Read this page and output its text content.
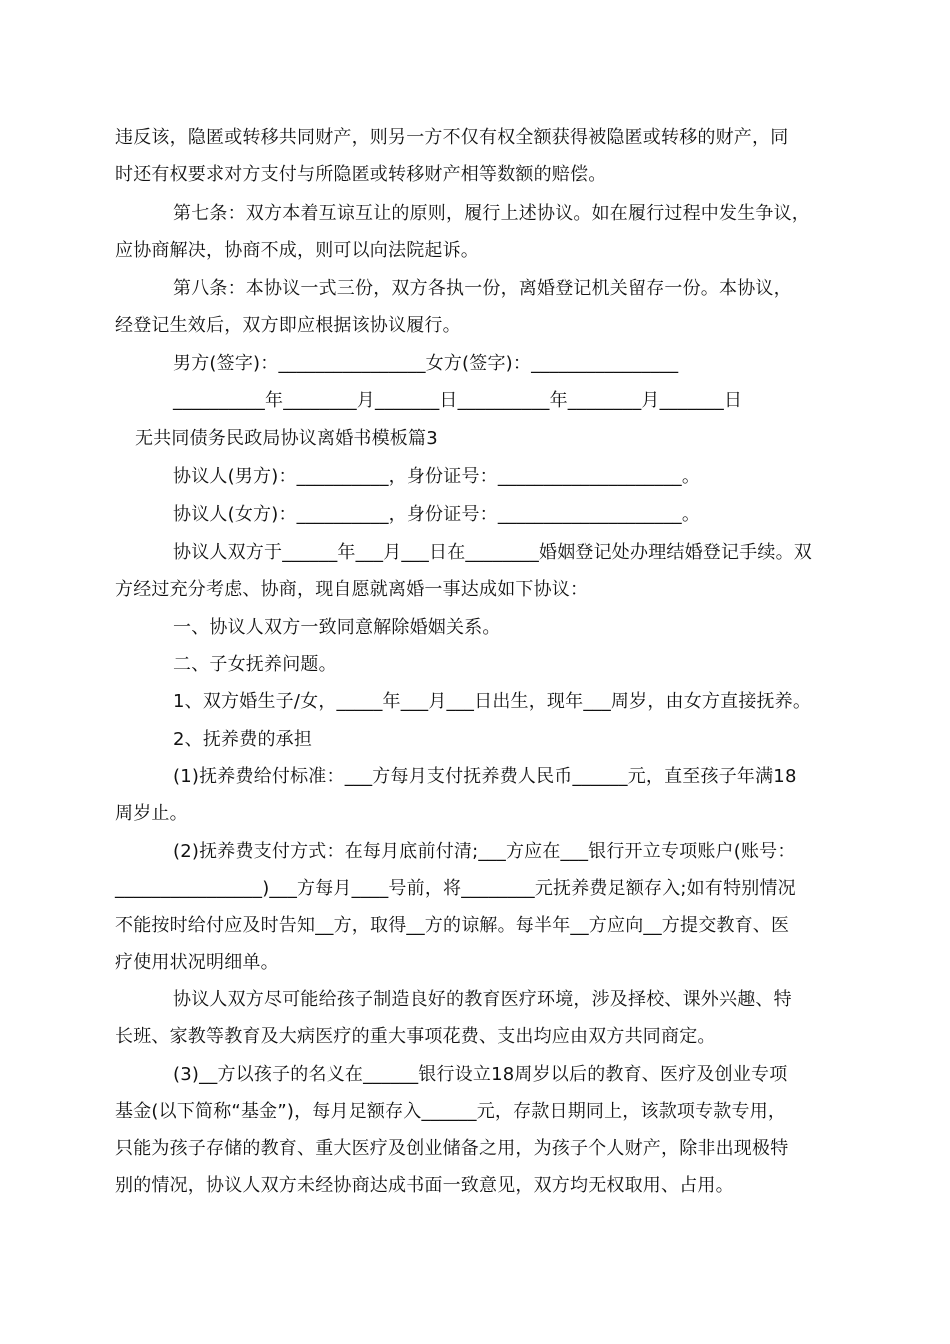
违反该，隐匿或转移共同财产，则另一方不仅有权全额获得被隐匿或转移的财产，同
时还有权要求对方支付与所隐匿或转移财产相等数额的赔偿。
第七条：双方本着互谅互让的原则，履行上述协议。如在履行过程中发生争议，
应协商解决，协商不成，则可以向法院起诉。
第八条：本协议一式三份，双方各执一份，离婚登记机关留存一份。本协议，
经登记生效后，双方即应根据该协议履行。
男方(签字)：________________女方(签字)：________________
__________年________月_______日__________年________月_______日
无共同债务民政局协议离婚书模板篇3
协议人(男方)：__________，身份证号：____________________。
协议人(女方)：__________，身份证号：____________________。
协议人双方于______年___月___日在________婚姻登记处办理结婚登记手续。双
方经过充分考虑、协商，现自愿就离婚一事达成如下协议：
一、协议人双方一致同意解除婚姻关系。
二、子女抚养问题。
1、双方婚生子/女，_____年___月___日出生，现年___周岁，由女方直接抚养。
2、抚养费的承担
(1)抚养费给付标准：___方每月支付抚养费人民币______元，直至孩子年满18
周岁止。
(2)抚养费支付方式：在每月底前付清;___方应在___银行开立专项账户(账号：
________________)___方每月____号前，将________元抚养费足额存入;如有特别情况
不能按时给付应及时告知__方，取得__方的谅解。每半年__方应向__方提交教育、医
疗使用状况明细单。
协议人双方尽可能给孩子制造良好的教育医疗环境，涉及择校、课外兴趣、特
长班、家教等教育及大病医疗的重大事项花费、支出均应由双方共同商定。
(3)__方以孩子的名义在______银行设立18周岁以后的教育、医疗及创业专项
基金(以下简称“基金”)，每月足额存入______元，存款日期同上，该款项专款专用，
只能为孩子存储的教育、重大医疗及创业储备之用，为孩子个人财产，除非出现极特
别的情况，协议人双方未经协商达成书面一致意见，双方均无权取用、占用。
